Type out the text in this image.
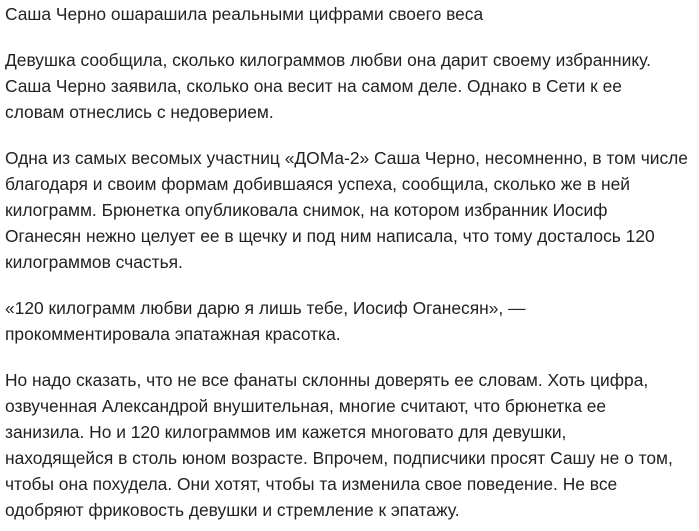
Саша Черно ошарашила реальными цифрами своего веса

Девушка сообщила, сколько килограммов любви она дарит своему избраннику.
Саша Черно заявила, сколько она весит на самом деле. Однако в Сети к ее
словам отнеслись с недоверием.

Одна из самых весомых участниц «ДОМа-2» Саша Черно, несомненно, в том числе
благодаря и своим формам добившаяся успеха, сообщила, сколько же в ней
килограмм. Брюнетка опубликовала снимок, на котором избранник Иосиф
Оганесян нежно целует ее в щечку и под ним написала, что тому досталось 120
килограммов счастья.

«120 килограмм любви дарю я лишь тебе, Иосиф Оганесян», —
прокомментировала эпатажная красотка.

Но надо сказать, что не все фанаты склонны доверять ее словам. Хоть цифра,
озвученная Александрой внушительная, многие считают, что брюнетка ее
занизила. Но и 120 килограммов им кажется многовато для девушки,
находящейся в столь юном возрасте. Впрочем, подписчики просят Сашу не о том,
чтобы она похудела. Они хотят, чтобы та изменила свое поведение. Не все
одобряют фриковость девушки и стремление к эпатажу.
